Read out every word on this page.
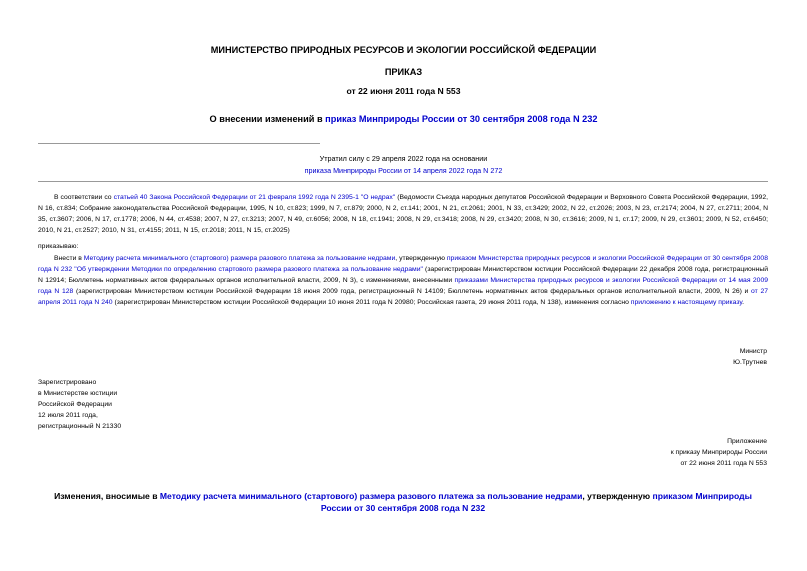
МИНИСТЕРСТВО ПРИРОДНЫХ РЕСУРСОВ И ЭКОЛОГИИ РОССИЙСКОЙ ФЕДЕРАЦИИ
ПРИКАЗ
от 22 июня 2011 года N 553
О внесении изменений в приказ Минприроды России от 30 сентября 2008 года N 232
Утратил силу с 29 апреля 2022 года на основании
приказа Минприроды России от 14 апреля 2022 года N 272
В соответствии со статьей 40 Закона Российской Федерации от 21 февраля 1992 года N 2395-1 "О недрах" (Ведомости Съезда народных депутатов Российской Федерации и Верховного Совета Российской Федерации, 1992, N 16, ст.834; Собрание законодательства Российской Федерации, 1995, N 10, ст.823; 1999, N 7, ст.879; 2000, N 2, ст.141; 2001, N 21, ст.2061; 2001, N 33, ст.3429; 2002, N 22, ст.2026; 2003, N 23, ст.2174; 2004, N 27, ст.2711; 2004, N 35, ст.3607; 2006, N 17, ст.1778; 2006, N 44, ст.4538; 2007, N 27, ст.3213; 2007, N 49, ст.6056; 2008, N 18, ст.1941; 2008, N 29, ст.3418; 2008, N 29, ст.3420; 2008, N 30, ст.3616; 2009, N 1, ст.17; 2009, N 29, ст.3601; 2009, N 52, ст.6450; 2010, N 21, ст.2527; 2010, N 31, ст.4155; 2011, N 15, ст.2018; 2011, N 15, ст.2025)
приказываю:
Внести в Методику расчета минимального (стартового) размера разового платежа за пользование недрами, утвержденную приказом Министерства природных ресурсов и экологии Российской Федерации от 30 сентября 2008 года N 232 "Об утверждении Методики по определению стартового размера разового платежа за пользование недрами" (зарегистрирован Министерством юстиции Российской Федерации 22 декабря 2008 года, регистрационный N 12914; Бюллетень нормативных актов федеральных органов исполнительной власти, 2009, N 3), с изменениями, внесенными приказами Министерства природных ресурсов и экологии Российской Федерации от 14 мая 2009 года N 128 (зарегистрирован Министерством юстиции Российской Федерации 18 июня 2009 года, регистрационный N 14109; Бюллетень нормативных актов федеральных органов исполнительной власти, 2009, N 26) и от 27 апреля 2011 года N 240 (зарегистрирован Министерством юстиции Российской Федерации 10 июня 2011 года N 20980; Российская газета, 29 июня 2011 года, N 138), изменения согласно приложению к настоящему приказу.
Министр
Ю.Трутнев
Зарегистрировано
в Министерстве юстиции
Российской Федерации
12 июля 2011 года,
регистрационный N 21330
Приложение
к приказу Минприроды России
от 22 июня 2011 года N 553
Изменения, вносимые в Методику расчета минимального (стартового) размера разового платежа за пользование недрами, утвержденную приказом Минприроды России от 30 сентября 2008 года N 232
